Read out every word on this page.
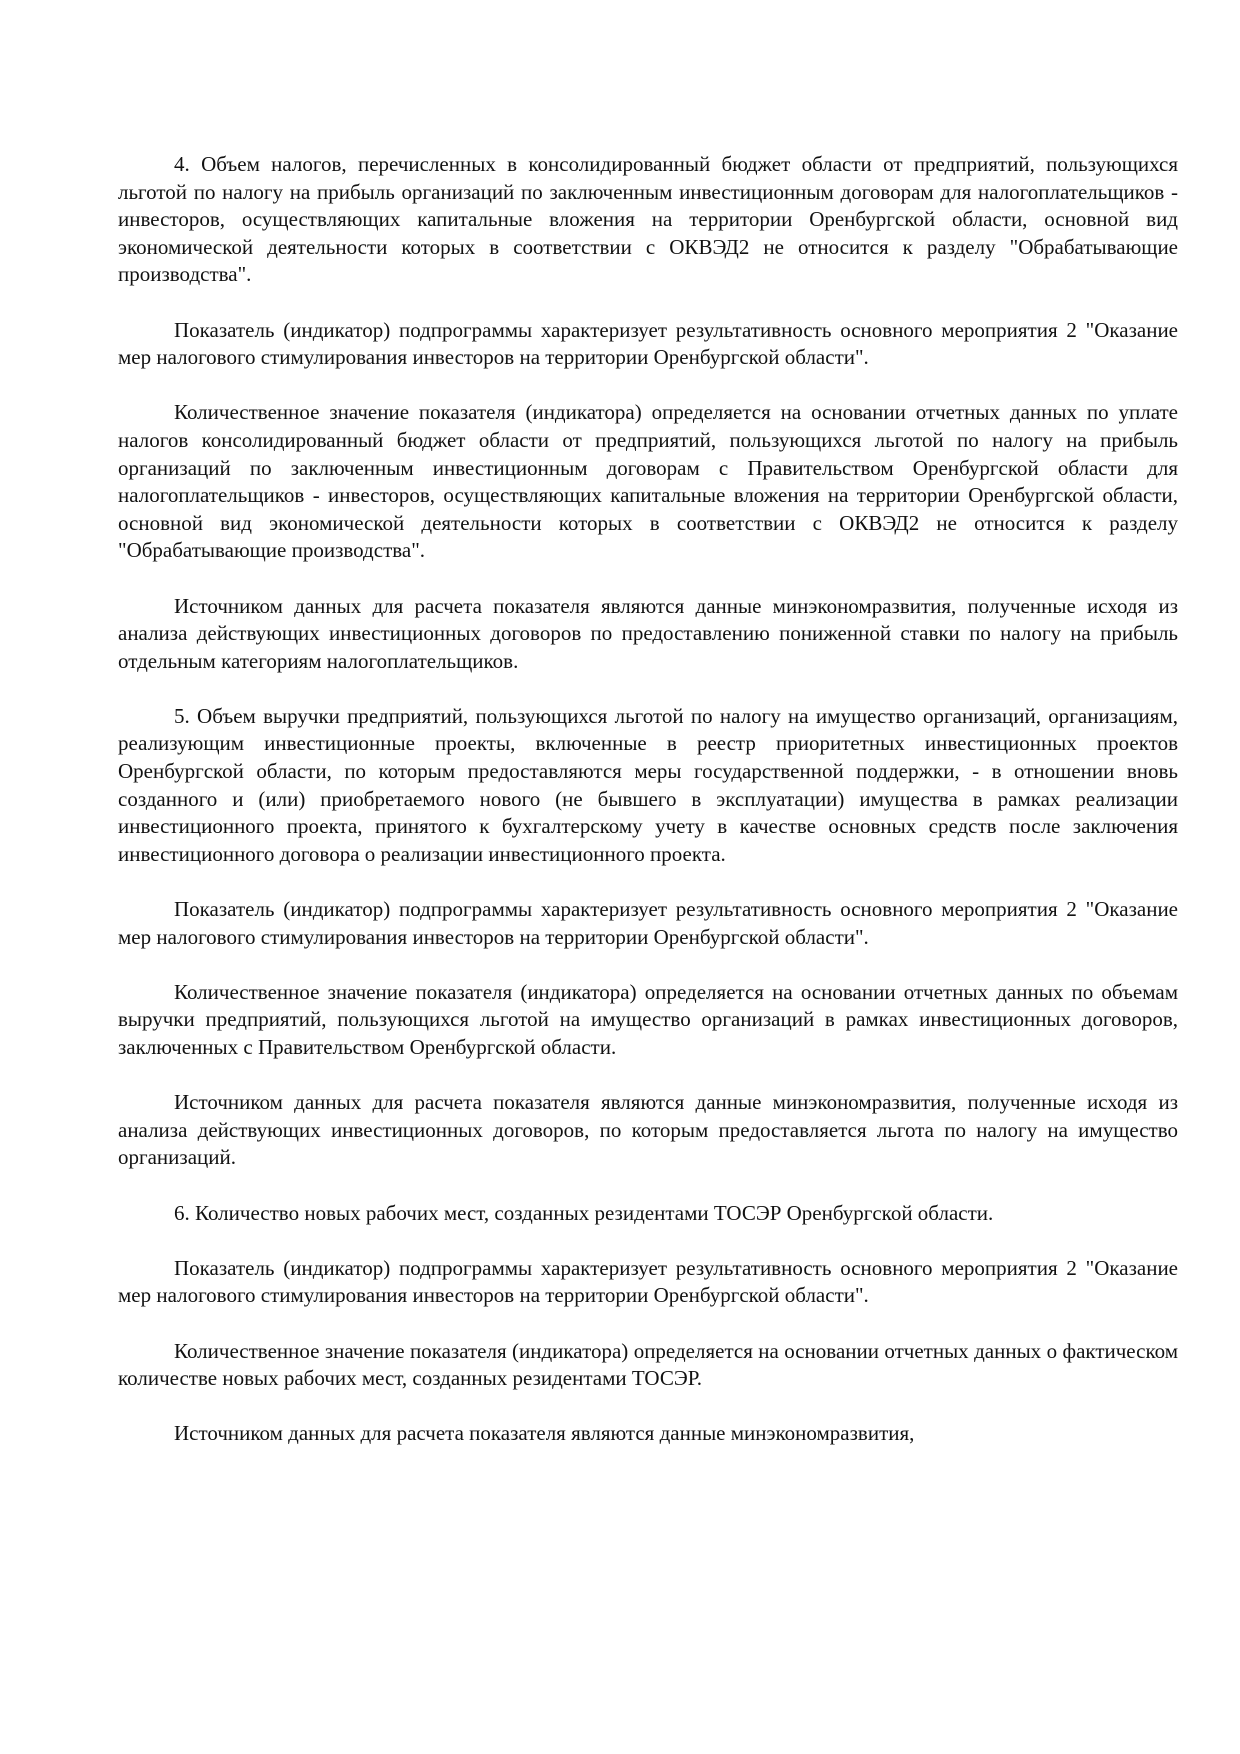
4. Объем налогов, перечисленных в консолидированный бюджет области от предприятий, пользующихся льготой по налогу на прибыль организаций по заключенным инвестиционным договорам для налогоплательщиков - инвесторов, осуществляющих капитальные вложения на территории Оренбургской области, основной вид экономической деятельности которых в соответствии с ОКВЭД2 не относится к разделу "Обрабатывающие производства".

Показатель (индикатор) подпрограммы характеризует результативность основного мероприятия 2 "Оказание мер налогового стимулирования инвесторов на территории Оренбургской области".

Количественное значение показателя (индикатора) определяется на основании отчетных данных по уплате налогов консолидированный бюджет области от предприятий, пользующихся льготой по налогу на прибыль организаций по заключенным инвестиционным договорам с Правительством Оренбургской области для налогоплательщиков - инвесторов, осуществляющих капитальные вложения на территории Оренбургской области, основной вид экономической деятельности которых в соответствии с ОКВЭД2 не относится к разделу "Обрабатывающие производства".

Источником данных для расчета показателя являются данные минэкономразвития, полученные исходя из анализа действующих инвестиционных договоров по предоставлению пониженной ставки по налогу на прибыль отдельным категориям налогоплательщиков.

5. Объем выручки предприятий, пользующихся льготой по налогу на имущество организаций, организациям, реализующим инвестиционные проекты, включенные в реестр приоритетных инвестиционных проектов Оренбургской области, по которым предоставляются меры государственной поддержки, - в отношении вновь созданного и (или) приобретаемого нового (не бывшего в эксплуатации) имущества в рамках реализации инвестиционного проекта, принятого к бухгалтерскому учету в качестве основных средств после заключения инвестиционного договора о реализации инвестиционного проекта.

Показатель (индикатор) подпрограммы характеризует результативность основного мероприятия 2 "Оказание мер налогового стимулирования инвесторов на территории Оренбургской области".

Количественное значение показателя (индикатора) определяется на основании отчетных данных по объемам выручки предприятий, пользующихся льготой на имущество организаций в рамках инвестиционных договоров, заключенных с Правительством Оренбургской области.

Источником данных для расчета показателя являются данные минэкономразвития, полученные исходя из анализа действующих инвестиционных договоров, по которым предоставляется льгота по налогу на имущество организаций.

6. Количество новых рабочих мест, созданных резидентами ТОСЭР Оренбургской области.

Показатель (индикатор) подпрограммы характеризует результативность основного мероприятия 2 "Оказание мер налогового стимулирования инвесторов на территории Оренбургской области".

Количественное значение показателя (индикатора) определяется на основании отчетных данных о фактическом количестве новых рабочих мест, созданных резидентами ТОСЭР.

Источником данных для расчета показателя являются данные минэкономразвития,
